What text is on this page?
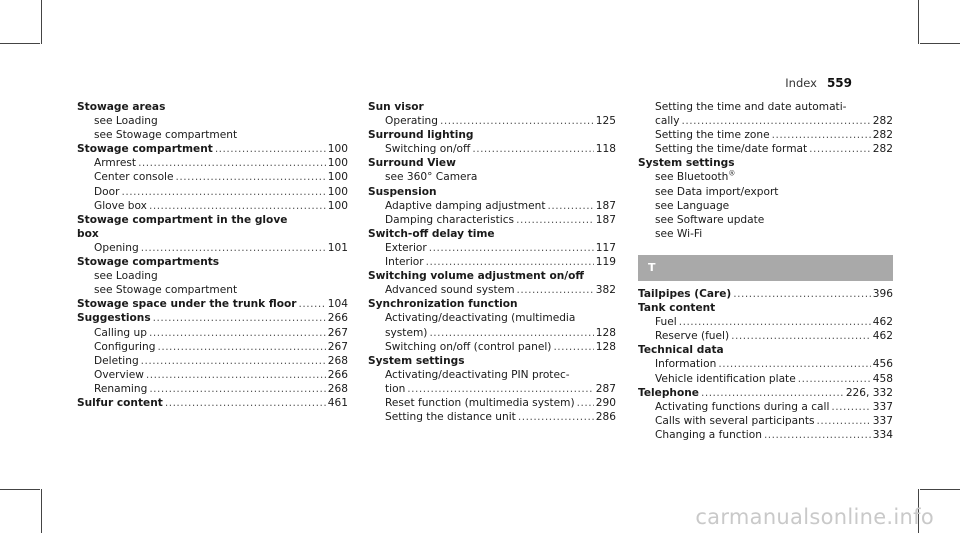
Index 559
Stowage areas
see Loading
see Stowage compartment
Stowage compartment .....	100
Armrest .....	100
Center console .....	100
Door .....	100
Glove box .....	100
Stowage compartment in the glove
box
Opening .....	101
Stowage compartments
see Loading
see Stowage compartment
Stowage space under the trunk floor .....	104
Suggestions .....	266
Calling up .....	267
Configuring .....	267
Deleting .....	268
Overview .....	266
Renaming .....	268
Sulfur content .....	461
Sun visor
Operating .....	125
Surround lighting
Switching on/off .....	118
Surround View
see 360° Camera
Suspension
Adaptive damping adjustment .....	187
Damping characteristics .....	187
Switch-off delay time
Exterior .....	117
Interior .....	119
Switching volume adjustment on/off
Advanced sound system .....	382
Synchronization function
Activating/deactivating (multimedia
system) .....	128
Switching on/off (control panel) .....	128
System settings
Activating/deactivating PIN protec-
tion .....	287
Reset function (multimedia system) ..... 290
Setting the distance unit .....	286
Setting the time and date automati-
cally .....	282
Setting the time zone .....	282
Setting the time/date format .....	282
System settings
see Bluetooth®
see Data import/export
see Language
see Software update
see Wi-Fi
T
Tailpipes (Care) .....	396
Tank content
Fuel .....	462
Reserve (fuel) .....	462
Technical data
Information .....	456
Vehicle identification plate .....	458
Telephone .....	226, 332
Activating functions during a call .....	337
Calls with several participants .....	337
Changing a function .....	334
carmanualsonline.info
